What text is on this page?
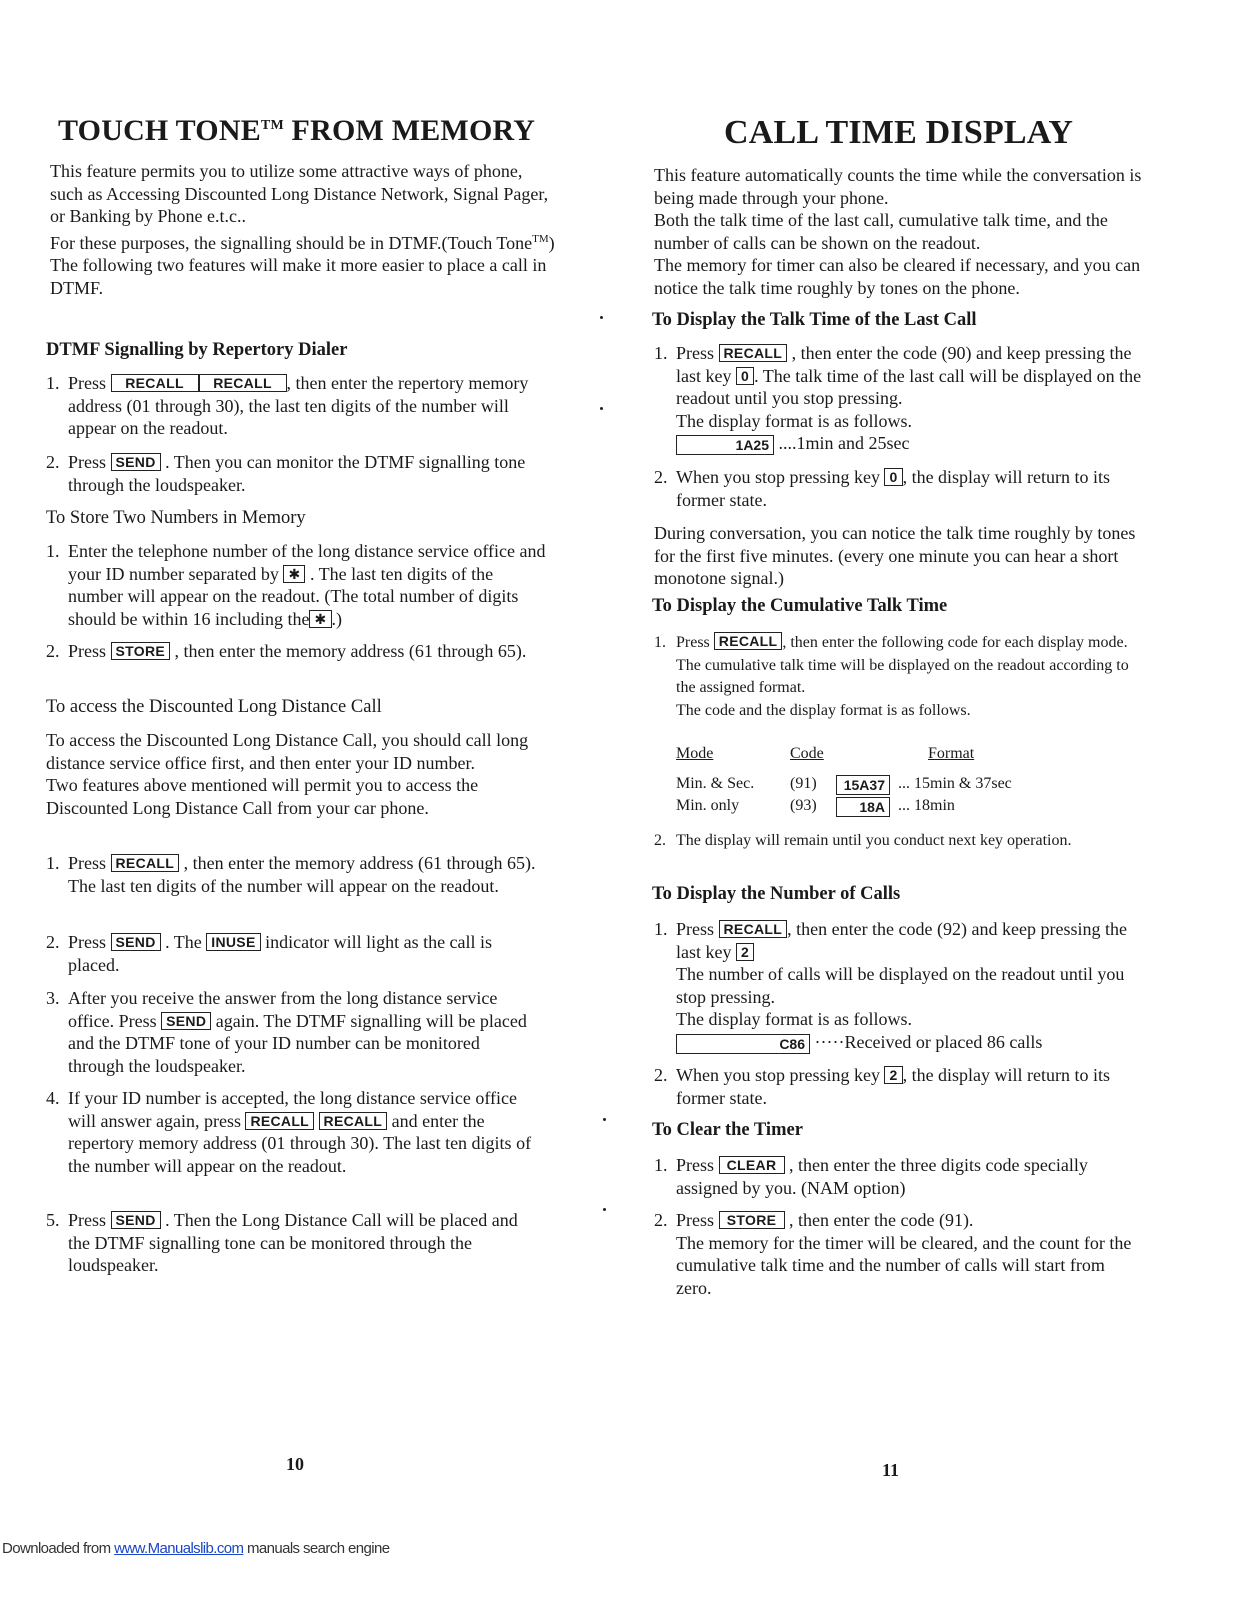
TOUCH TONE™ FROM MEMORY

This feature permits you to utilize some attractive ways of phone, such as Accessing Discounted Long Distance Network, Signal Pager, or Banking by Phone e.t.c..

For these purposes, the signalling should be in DTMF.(Touch Tone™) The following two features will make it more easier to place a call in DTMF.

DTMF Signalling by Repertory Dialer

1. Press RECALL RECALL , then enter the repertory memory address (01 through 30), the last ten digits of the number will appear on the readout.
2. Press SEND . Then you can monitor the DTMF signalling tone through the loudspeaker.

To Store Two Numbers in Memory

1. Enter the telephone number of the long distance service office and your ID number separated by ✱ . The last ten digits of the number will appear on the readout. (The total number of digits should be within 16 including the ✱ .)
2. Press STORE , then enter the memory address (61 through 65).

To access the Discounted Long Distance Call

To access the Discounted Long Distance Call, you should call long distance service office first, and then enter your ID number.

Two features above mentioned will permit you to access the Discounted Long Distance Call from your car phone.

1. Press RECALL , then enter the memory address (61 through 65). The last ten digits of the number will appear on the readout.
2. Press SEND . The INUSE indicator will light as the call is placed.
3. After you receive the answer from the long distance service office. Press SEND again. The DTMF signalling will be placed and the DTMF tone of your ID number can be monitored through the loudspeaker.
4. If your ID number is accepted, the long distance service office will answer again, press RECALL RECALL and enter the repertory memory address (01 through 30). The last ten digits of the number will appear on the readout.
5. Press SEND . Then the Long Distance Call will be placed and the DTMF signalling tone can be monitored through the loudspeaker.
10
CALL TIME DISPLAY

This feature automatically counts the time while the conversation is being made through your phone.

Both the talk time of the last call, cumulative talk time, and the number of calls can be shown on the readout.

The memory for timer can also be cleared if necessary, and you can notice the talk time roughly by tones on the phone.

To Display the Talk Time of the Last Call

1. Press RECALL , then enter the code (90) and keep pressing the last key 0 . The talk time of the last call will be displayed on the readout until you stop pressing.
The display format is as follows.
1A25 ....1min and 25sec
2. When you stop pressing key 0 , the display will return to its former state.

During conversation, you can notice the talk time roughly by tones for the first five minutes. (every one minute you can hear a short monotone signal.)

To Display the Cumulative Talk Time

1. Press RECALL , then enter the following code for each display mode.
The cumulative talk time will be displayed on the readout according to the assigned format.
The code and the display format is as follows.
Mode	Code	Format
Min. & Sec. (91)	15A37 ... 15min & 37sec
Min. only	(93)	18A ... 18min
2. The display will remain until you conduct next key operation.

To Display the Number of Calls

1. Press RECALL , then enter the code (92) and keep pressing the last key 2
The number of calls will be displayed on the readout until you stop pressing.
The display format is as follows.
C86 ·····Received or placed 86 calls
2. When you stop pressing key 2 , the display will return to its former state.

To Clear the Timer

1. Press CLEAR , then enter the three digits code specially assigned by you. (NAM option)
2. Press STORE , then enter the code (91).
The memory for the timer will be cleared, and the count for the cumulative talk time and the number of calls will start from zero.
11
Downloaded from www.Manualslib.com manuals search engine
